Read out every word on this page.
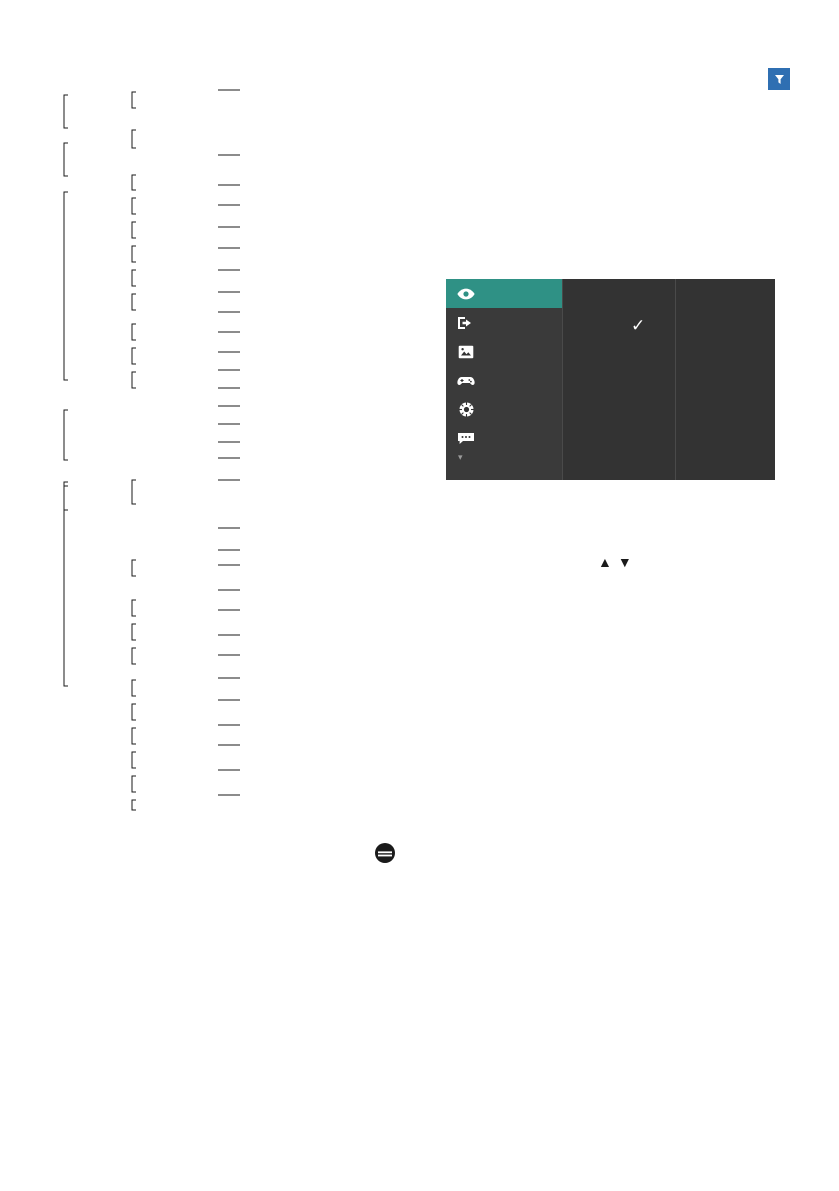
▾
✓
▲ ▼
